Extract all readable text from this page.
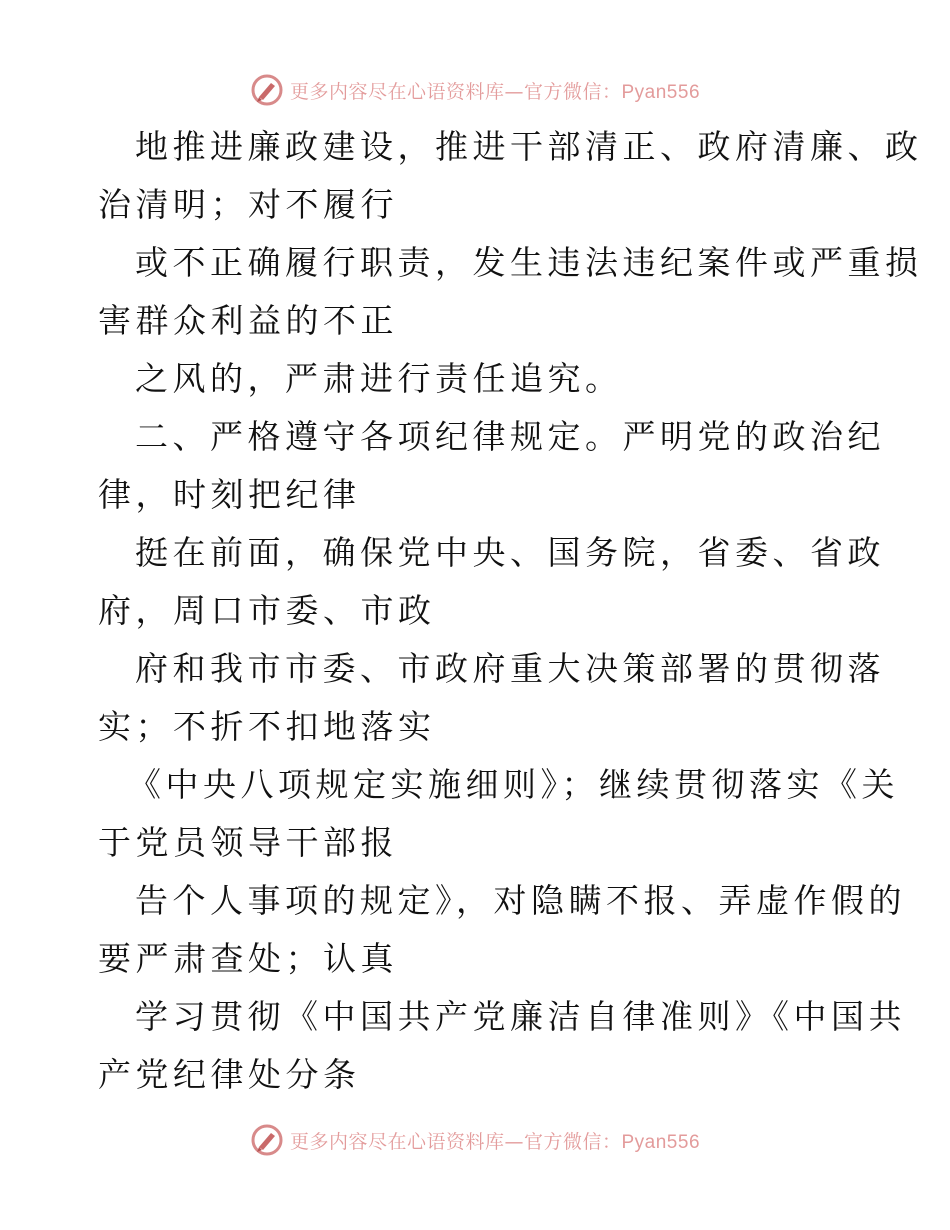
更多内容尽在心语资料库—官方微信：Pyan556
地推进廉政建设，推进干部清正、政府清廉、政
治清明；对不履行
或不正确履行职责，发生违法违纪案件或严重损
害群众利益的不正
之风的，严肃进行责任追究。
二、严格遵守各项纪律规定。严明党的政治纪
律，时刻把纪律
挺在前面，确保党中央、国务院，省委、省政
府，周口市委、市政
府和我市市委、市政府重大决策部署的贯彻落
实；不折不扣地落实
《中央八项规定实施细则》；继续贯彻落实《关
于党员领导干部报
告个人事项的规定》，对隐瞒不报、弄虚作假的
要严肃查处；认真
学习贯彻《中国共产党廉洁自律准则》《中国共
产党纪律处分条
更多内容尽在心语资料库—官方微信：Pyan556
